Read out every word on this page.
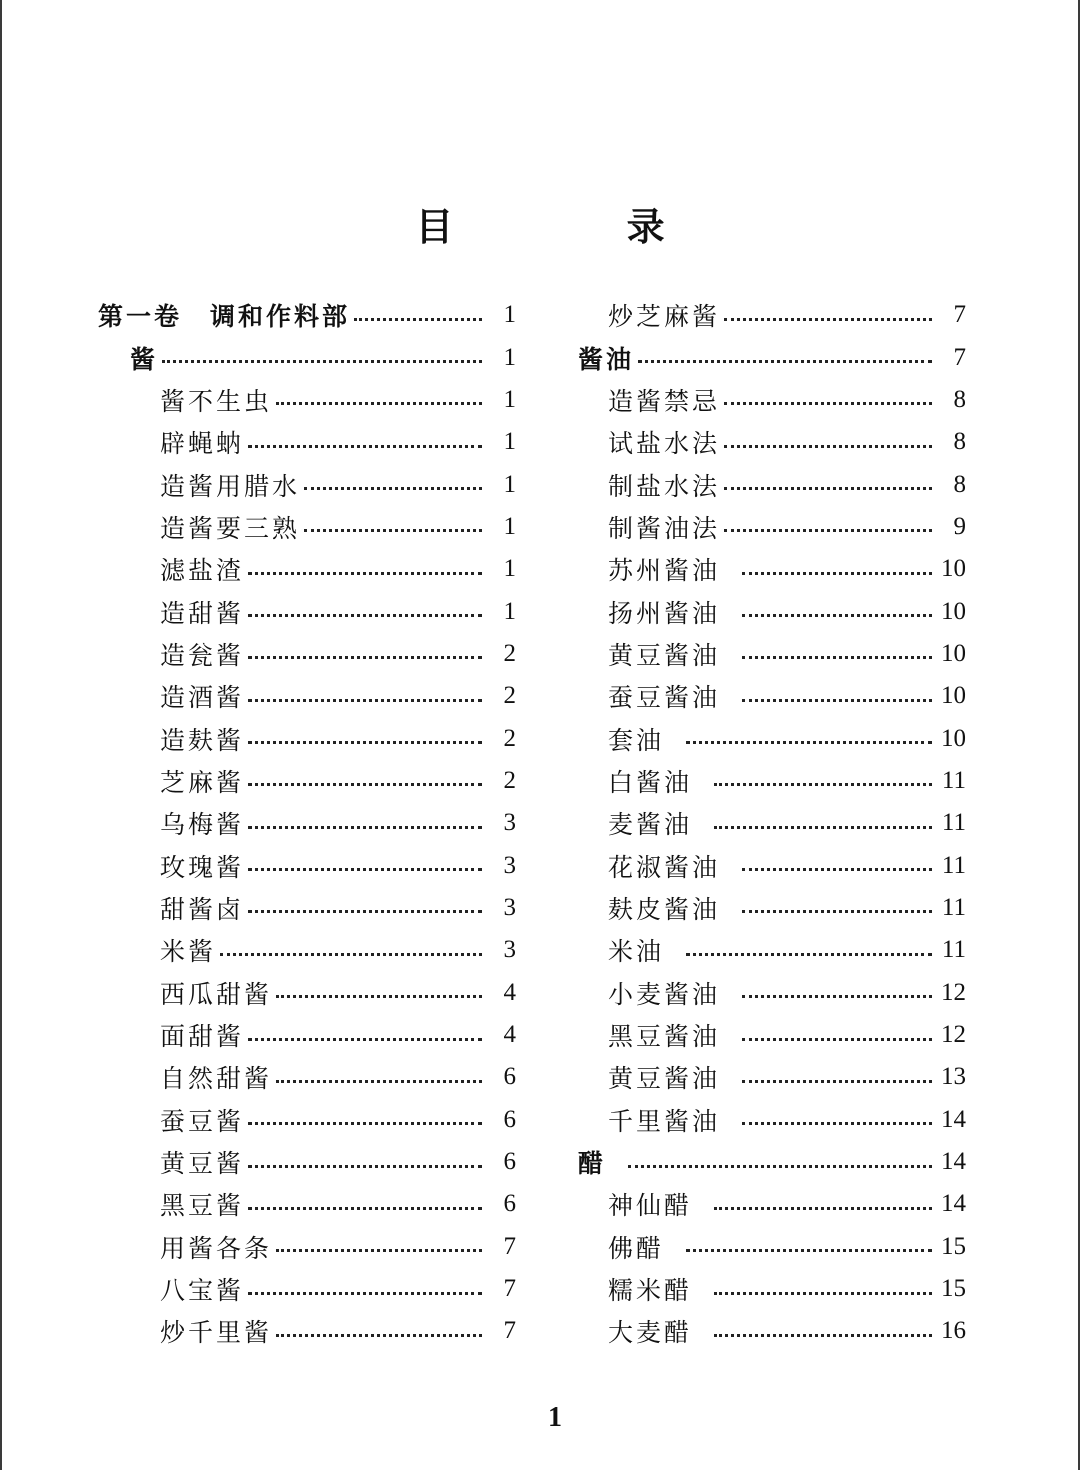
目 录
第一卷　调和作料部	1
酱	1
酱不生虫	1
辟蝇蚋	1
造酱用腊水	1
造酱要三熟	1
滤盐渣	1
造甜酱	1
造瓮酱	2
造酒酱	2
造麸酱	2
芝麻酱	2
乌梅酱	3
玫瑰酱	3
甜酱卤	3
米酱	3
西瓜甜酱	4
面甜酱	4
自然甜酱	6
蚕豆酱	6
黄豆酱	6
黑豆酱	6
用酱各条	7
八宝酱	7
炒千里酱	7
炒芝麻酱	7
酱油	7
造酱禁忌	8
试盐水法	8
制盐水法	8
制酱油法	9
苏州酱油	10
扬州酱油	10
黄豆酱油	10
蚕豆酱油	10
套油	10
白酱油	11
麦酱油	11
花淑酱油	11
麸皮酱油	11
米油	11
小麦酱油	12
黑豆酱油	12
黄豆酱油	13
千里酱油	14
醋	14
神仙醋	14
佛醋	15
糯米醋	15
大麦醋	16
1
